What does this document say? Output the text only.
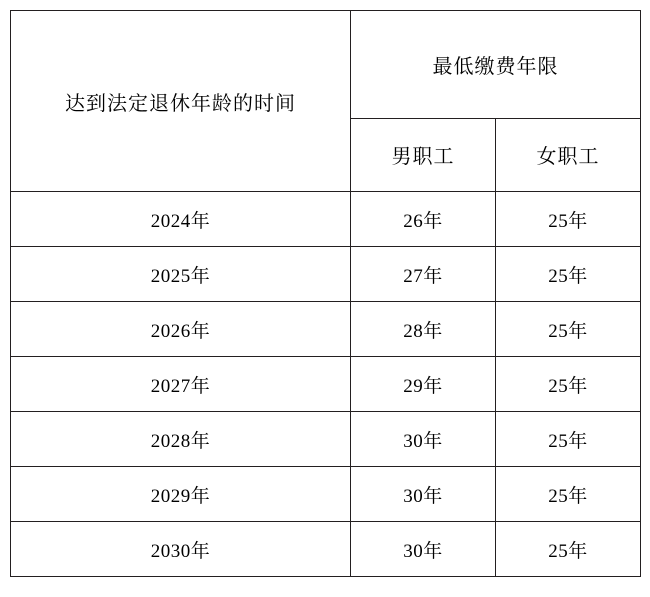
达到法定退休年龄的时间	最低缴费年限	
	男职工	女职工
2024年	26年	25年
2025年	27年	25年
2026年	28年	25年
2027年	29年	25年
2028年	30年	25年
2029年	30年	25年
2030年	30年	25年
